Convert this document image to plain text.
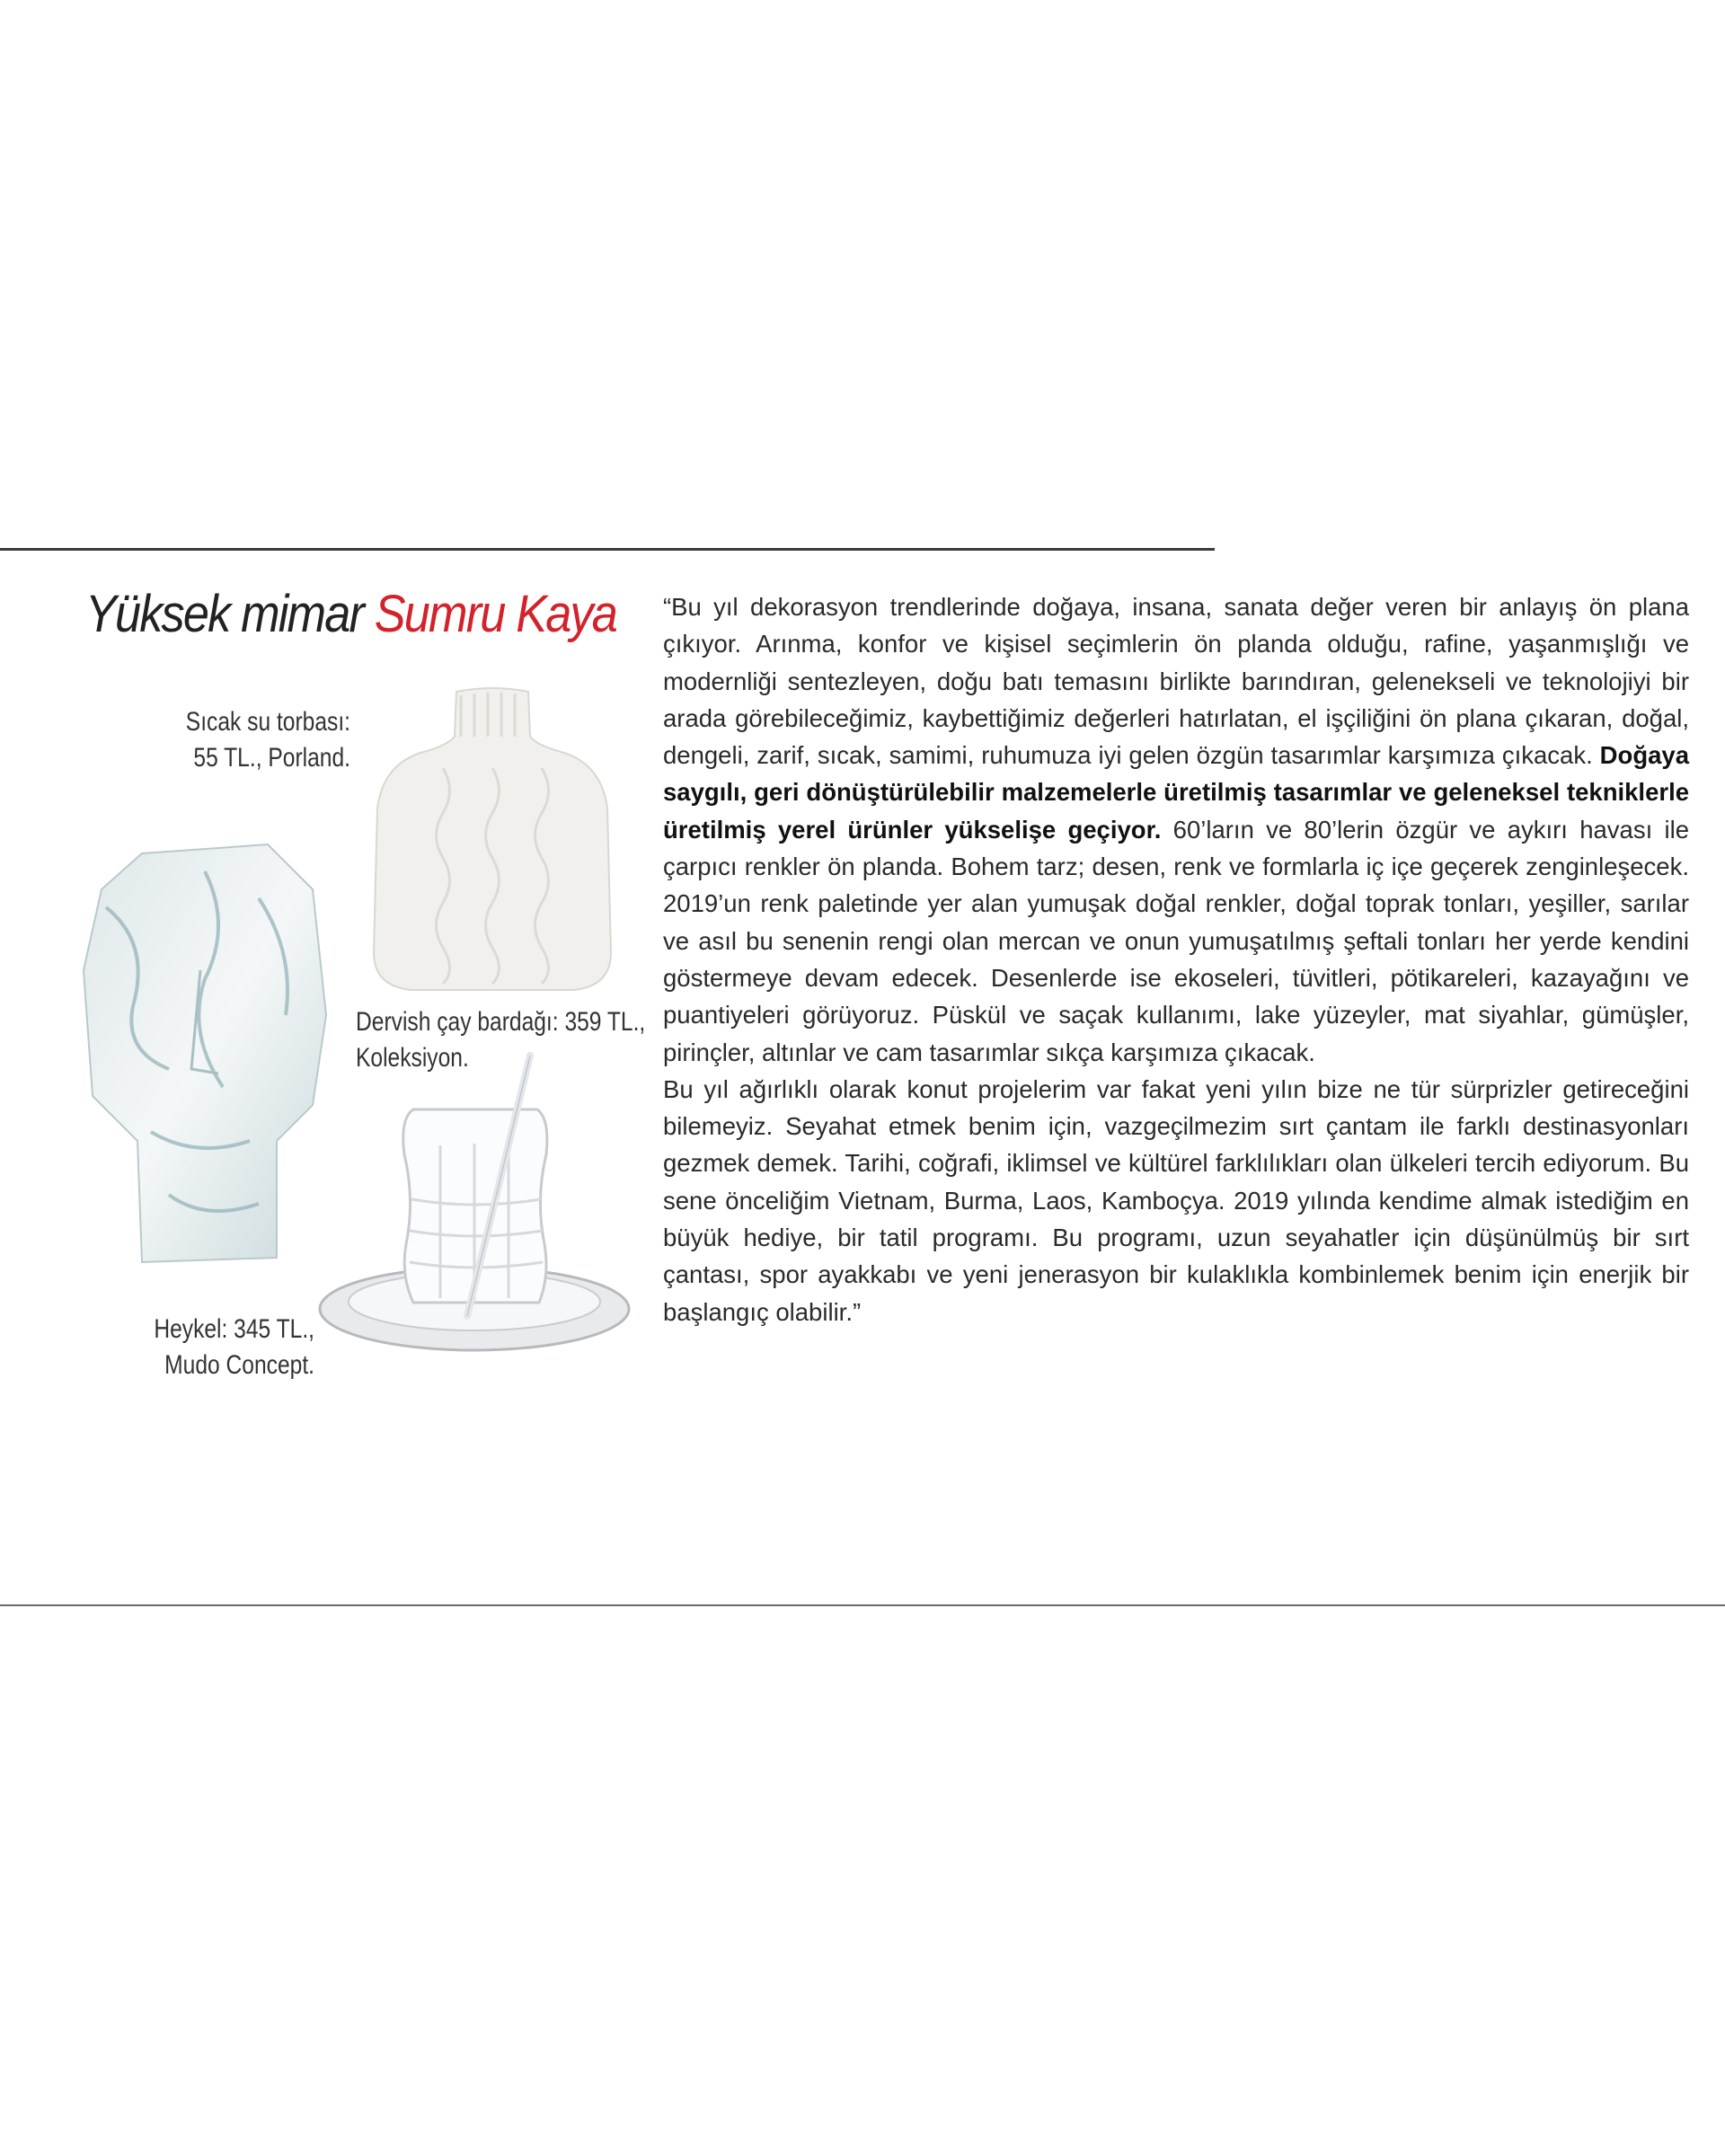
Yüksek mimar Sumru Kaya
Sıcak su torbası:
55 TL., Porland.
Dervish çay bardağı: 359 TL.,
Koleksiyon.
Heykel: 345 TL.,
Mudo Concept.

“Bu yıl dekorasyon trendlerinde doğaya, insana, sanata değer veren bir anlayış ön plana çıkıyor. Arınma, konfor ve kişisel seçimlerin ön planda olduğu, rafine, yaşanmışlığı ve modernliği sentezleyen, doğu batı temasını birlikte barındıran, gelenekseli ve teknolojiyi bir arada görebileceğimiz, kaybettiğimiz değerleri hatırlatan, el işçiliğini ön plana çıkaran, doğal, dengeli, zarif, sıcak, samimi, ruhumuza iyi gelen özgün tasarımlar karşımıza çıkacak. Doğaya saygılı, geri dönüştürülebilir malzemelerle üretilmiş tasarımlar ve geleneksel tekniklerle üretilmiş yerel ürünler yükselişe geçiyor. 60’ların ve 80’lerin özgür ve aykırı havası ile çarpıcı renkler ön planda. Bohem tarz; desen, renk ve formlarla iç içe geçerek zenginleşecek. 2019’un renk paletinde yer alan yumuşak doğal renkler, doğal toprak tonları, yeşiller, sarılar ve asıl bu senenin rengi olan mercan ve onun yumuşatılmış şeftali tonları her yerde kendini göstermeye devam edecek. Desenlerde ise ekoseleri, tüvitleri, pötikareleri, kazayağını ve puantiyeleri görüyoruz. Püskül ve saçak kullanımı, lake yüzeyler, mat siyahlar, gümüşler, pirinçler, altınlar ve cam tasarımlar sıkça karşımıza çıkacak.

Bu yıl ağırlıklı olarak konut projelerim var fakat yeni yılın bize ne tür sürprizler getireceğini bilemeyiz. Seyahat etmek benim için, vazgeçilmezim sırt çantam ile farklı destinasyonları gezmek demek. Tarihi, coğrafi, iklimsel ve kültürel farklılıkları olan ülkeleri tercih ediyorum. Bu sene önceliğim Vietnam, Burma, Laos, Kamboçya. 2019 yılında kendime almak istediğim en büyük hediye, bir tatil programı. Bu programı, uzun seyahatler için düşünülmüş bir sırt çantası, spor ayakkabı ve yeni jenerasyon bir kulaklıkla kombinlemek benim için enerjik bir başlangıç olabilir.”
